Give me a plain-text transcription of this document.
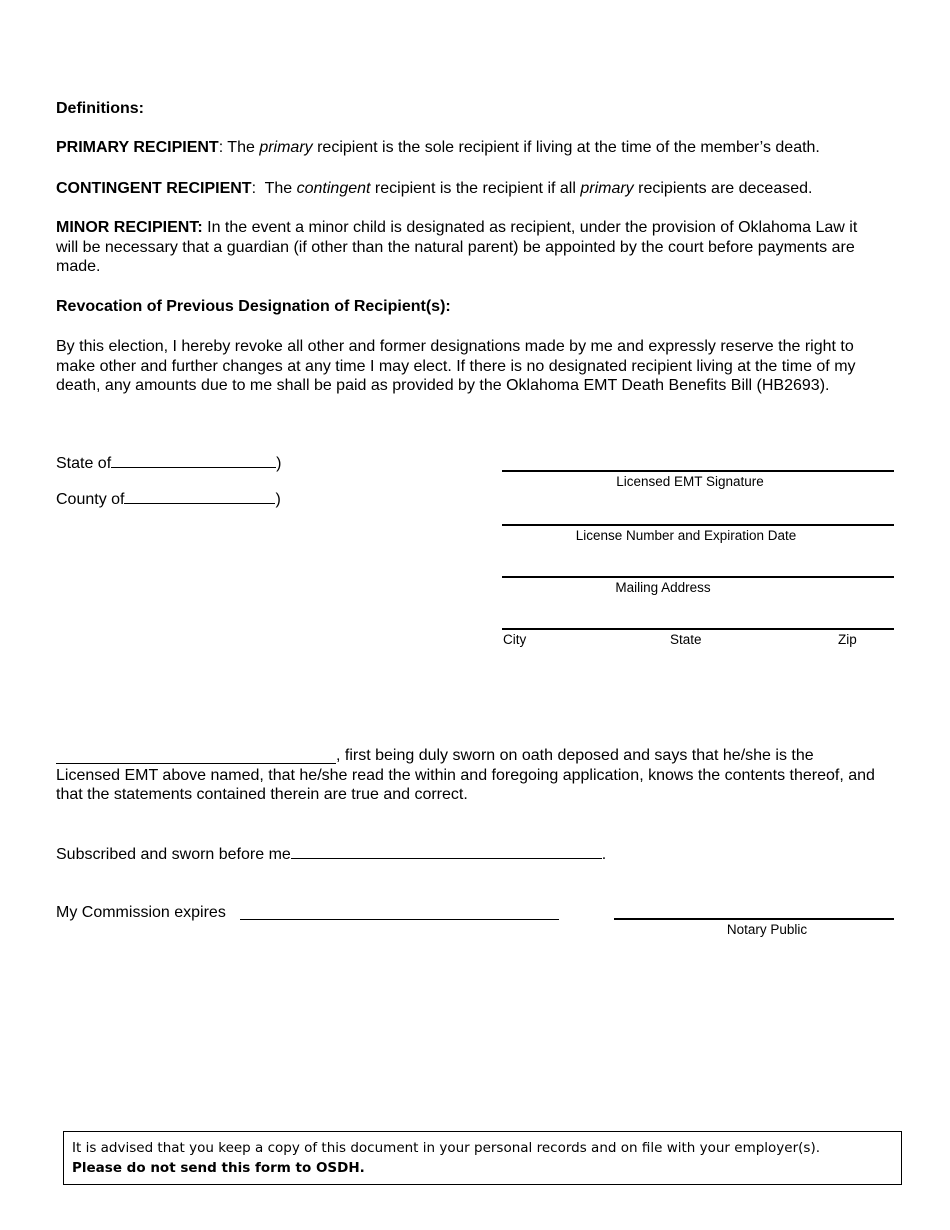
Definitions:
PRIMARY RECIPIENT: The primary recipient is the sole recipient if living at the time of the member’s death.
CONTINGENT RECIPIENT:  The contingent recipient is the recipient if all primary recipients are deceased.
MINOR RECIPIENT: In the event a minor child is designated as recipient, under the provision of Oklahoma Law it will be necessary that a guardian (if other than the natural parent) be appointed by the court before payments are made.
Revocation of Previous Designation of Recipient(s):
By this election, I hereby revoke all other and former designations made by me and expressly reserve the right to make other and further changes at any time I may elect. If there is no designated recipient living at the time of my death, any amounts due to me shall be paid as provided by the Oklahoma EMT Death Benefits Bill (HB2693).
State of	)
County of	)
Licensed EMT Signature
License Number and Expiration Date
Mailing Address
City	State	Zip
, first being duly sworn on oath deposed and says that he/she is the Licensed EMT above named, that he/she read the within and foregoing application, knows the contents thereof, and that the statements contained therein are true and correct.
Subscribed and sworn before me	.
My Commission expires
Notary Public
It is advised that you keep a copy of this document in your personal records and on file with your employer(s).
Please do not send this form to OSDH.
